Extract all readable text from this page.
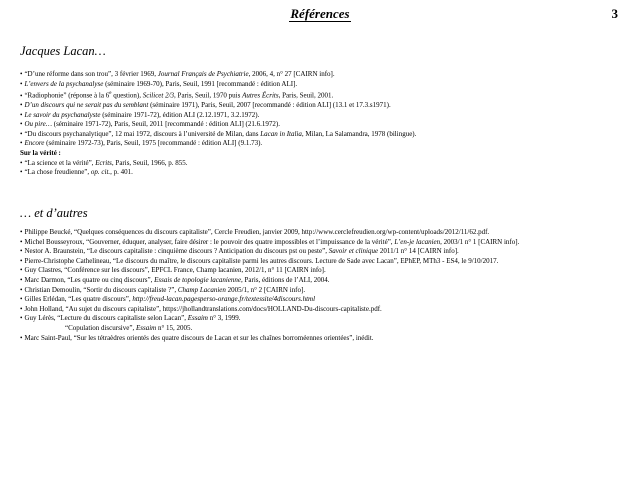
Références	3
Jacques Lacan…

• “D’une réforme dans son trou”, 3 février 1969, Journal Français de Psychiatrie, 2006, 4, n° 27 [CAIRN info].

• L’envers de la psychanalyse (séminaire 1969-70), Paris, Seuil, 1991 [recommandé : édition ALI].

• “Radiophonie” (réponse à la 6e question), Scilicet 2/3, Paris, Seuil, 1970 puis Autres Écrits, Paris, Seuil, 2001.

• D’un discours qui ne serait pas du semblant (séminaire 1971), Paris, Seuil, 2007 [recommandé : édition ALI] (13.1 et 17.3.s1971).

• Le savoir du psychanalyste (séminaire 1971-72), édition ALI (2.12.1971, 3.2.1972).

• Ou pire… (séminaire 1971-72), Paris, Seuil, 2011 [recommandé : édition ALI] (21.6.1972).

• “Du discours psychanalytique”, 12 mai 1972, discours à l’université de Milan, dans Lacan in Italia, Milan, La Salamandra, 1978 (bilingue).

• Encore (séminaire 1972-73), Paris, Seuil, 1975 [recommandé : édition ALI] (9.1.73).

Sur la vérité :

• “La science et la vérité”, Ecrits, Paris, Seuil, 1966, p. 855.

• “La chose freudienne”, op. cit., p. 401.

… et d’autres

• Philippe Beucké, “Quelques conséquences du discours capitaliste”, Cercle Freudien, janvier 2009, http://www.cerclefreudien.org/wp-content/uploads/2012/11/62.pdf.

• Michel Bousseyroux, “Gouverner, éduquer, analyser, faire désirer : le pouvoir des quatre impossibles et l’impuissance de la vérité”, L’en-je lacanien, 2003/1 n° 1 [CAIRN info].

• Nestor A. Braunstein, “Le discours capitaliste : cinquième discours ? Anticipation du discours pst ou peste”, Savoir et clinique 2011/1 n° 14 [CAIRN info].

• Pierre-Christophe Cathelineau, “Le discours du maître, le discours capitaliste parmi les autres discours. Lecture de Sade avec Lacan”, EPhEP, MTh3 - ES4, le 9/10/2017.

• Guy Clastres, “Conférence sur les discours”, EPFCL France, Champ lacanien, 2012/1, n° 11 [CAIRN info].

• Marc Darmon, “Les quatre ou cinq discours”, Essais de topologie lacanienne, Paris, éditions de l’ALI, 2004.

• Christian Demoulin, “Sortir du discours capitaliste ?”, Champ Lacanien 2005/1, n° 2 [CAIRN info].

• Gilles Erlédan, “Les quatre discours”, http://freud-lacan.pagesperso-orange.fr/textessite/4discours.html

• John Holland, “Au sujet du discours capitaliste”, https://jhollandtranslations.com/docs/HOLLAND-Du-discours-capitaliste.pdf.

• Guy Lérès, “Lecture du discours capitaliste selon Lacan”, Essaim n° 3, 1999.

“Copulation discursive”, Essaim n° 15, 2005.

• Marc Saint-Paul, “Sur les tétraèdres orientés des quatre discours de Lacan et sur les chaînes borroméennes orientées”, inédit.
